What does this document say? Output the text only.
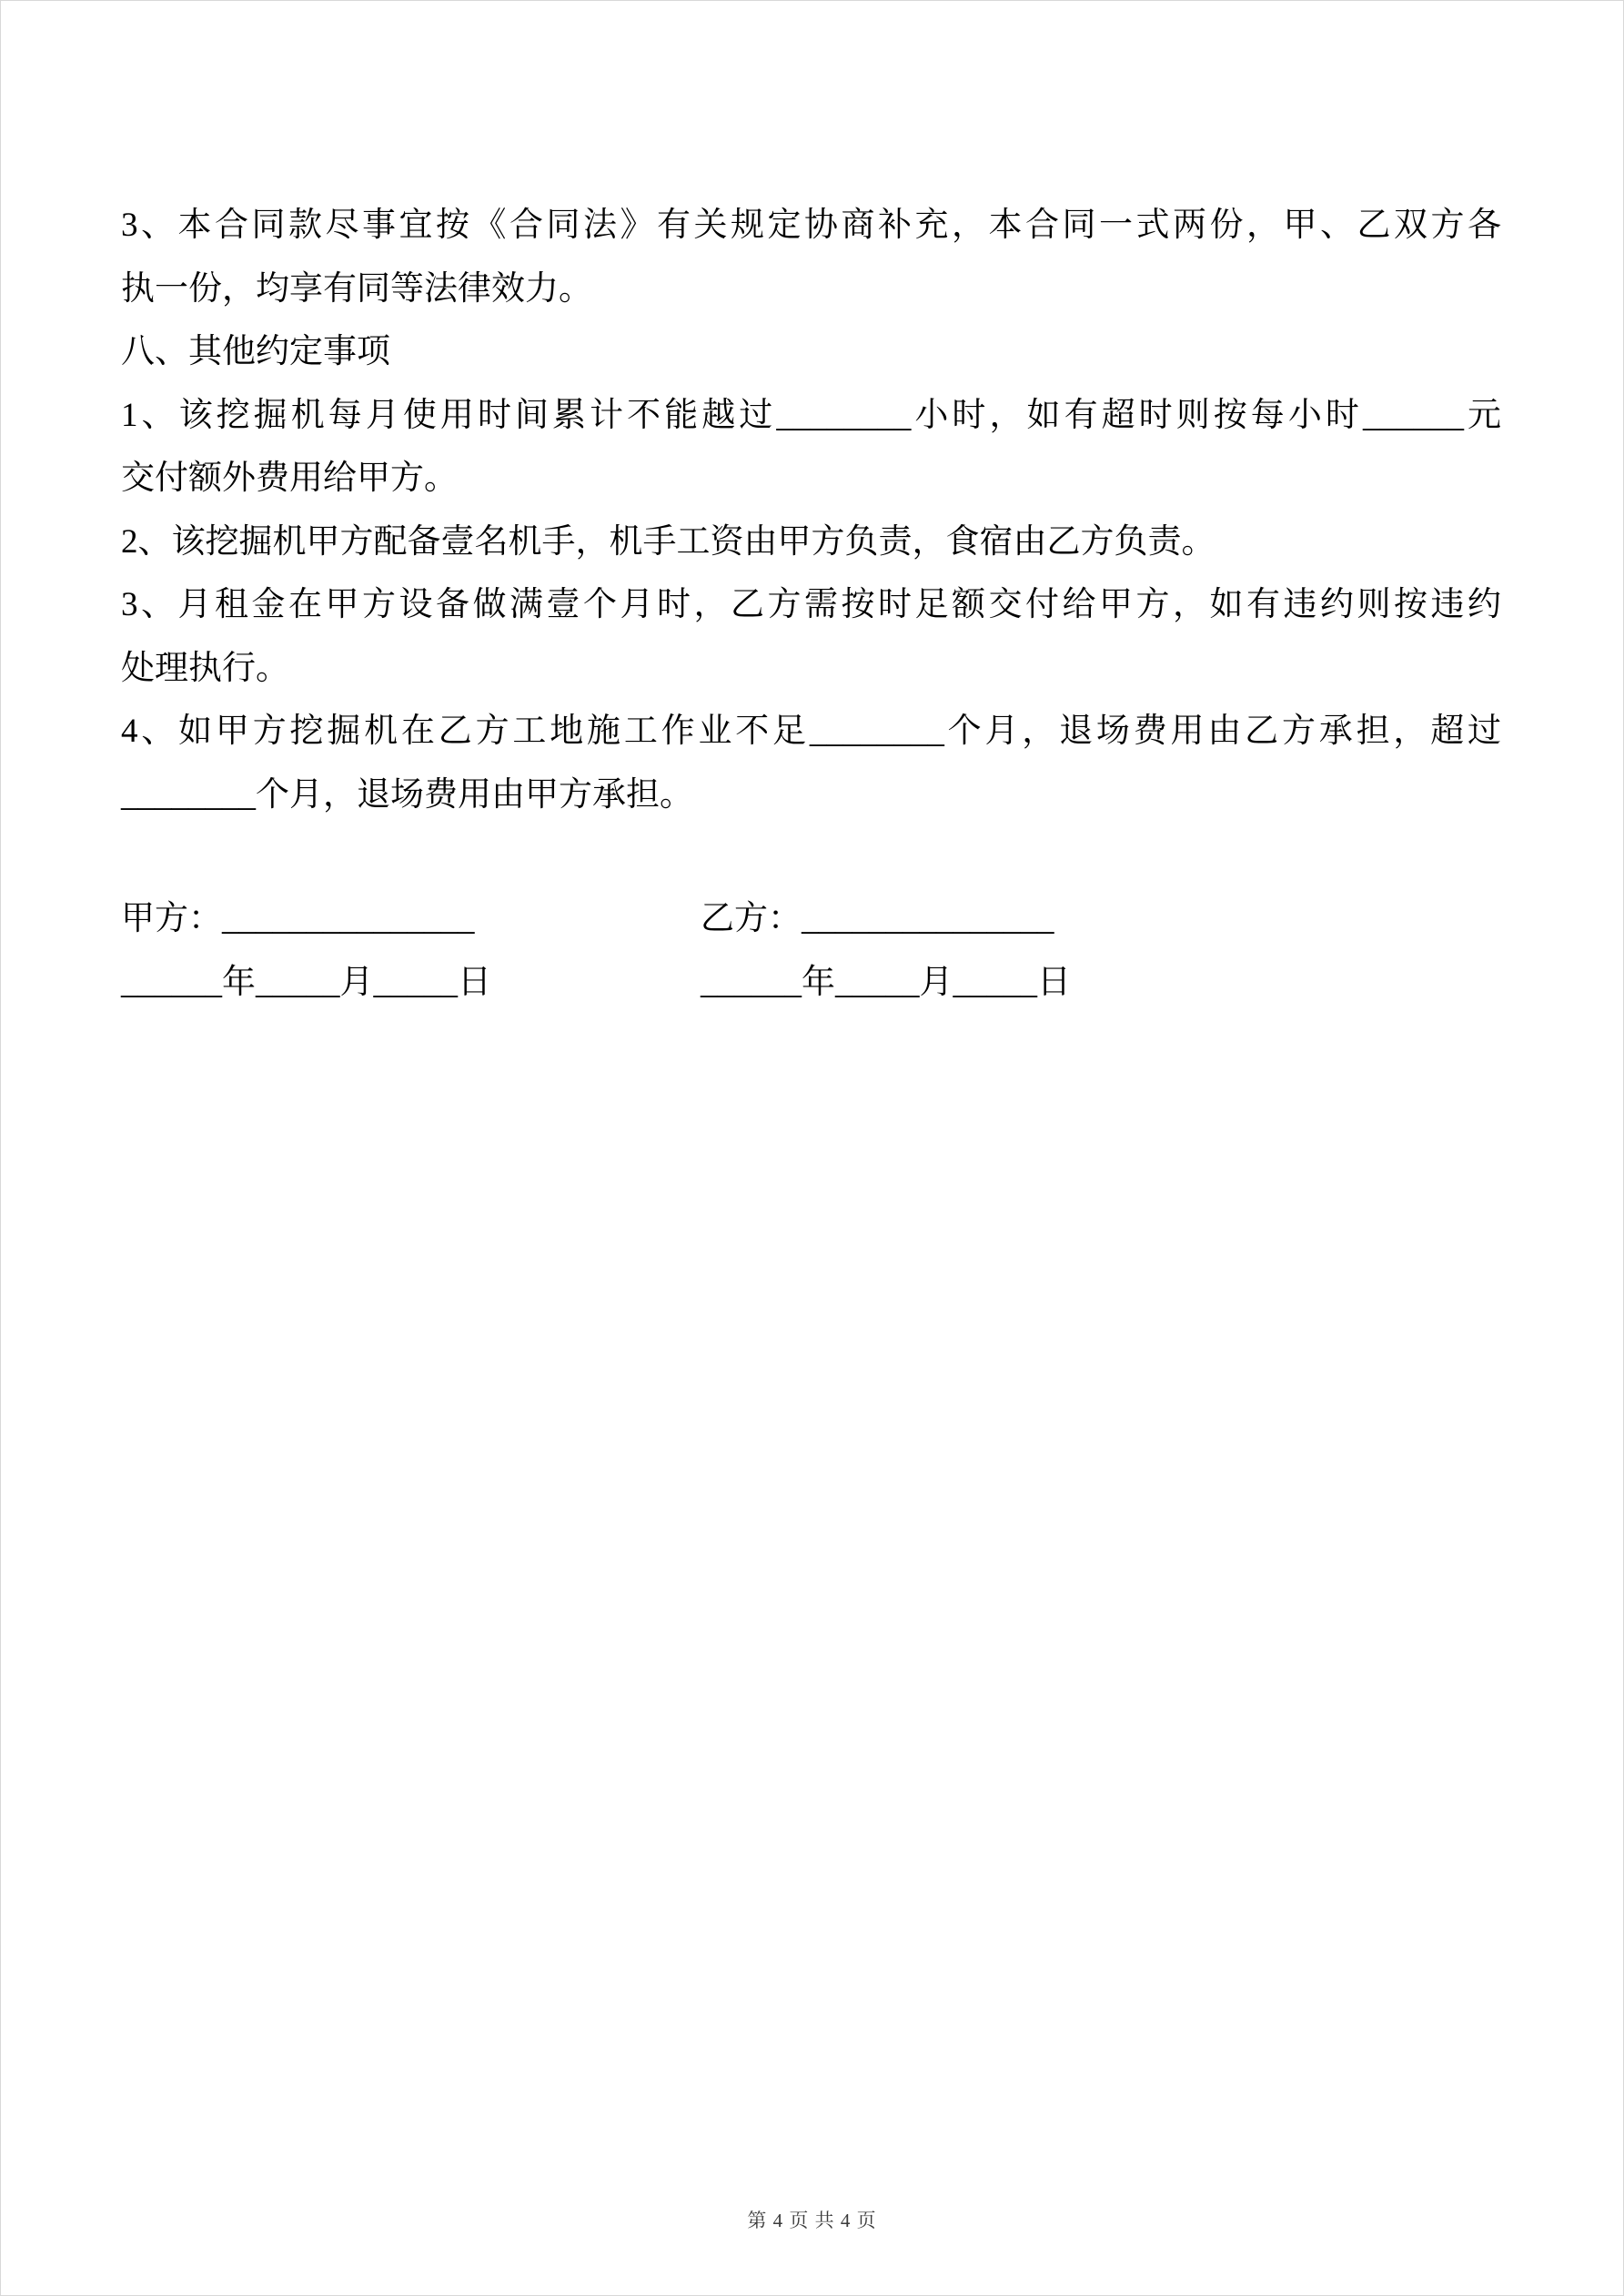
3、本合同款尽事宜按《合同法》有关规定协商补充，本合同一式两份，甲、乙双方各
执一份，均享有同等法律效力。
八、其他约定事项
1、该挖掘机每月使用时间累计不能越过________小时，如有超时则按每小时______元
交付额外费用给甲方。
2、该挖掘机甲方配备壹名机手，机手工资由甲方负责，食宿由乙方负责。
3、月租金在甲方设备做满壹个月时，乙方需按时足额交付给甲方，如有违约则按违约
处理执行。
4、如甲方挖掘机在乙方工地施工作业不足________个月，退场费用由乙方承担，超过
________个月，退场费用由甲方承担。
甲方：_______________
______年_____月_____日
乙方：_______________
______年_____月_____日
第 4 页 共 4 页
